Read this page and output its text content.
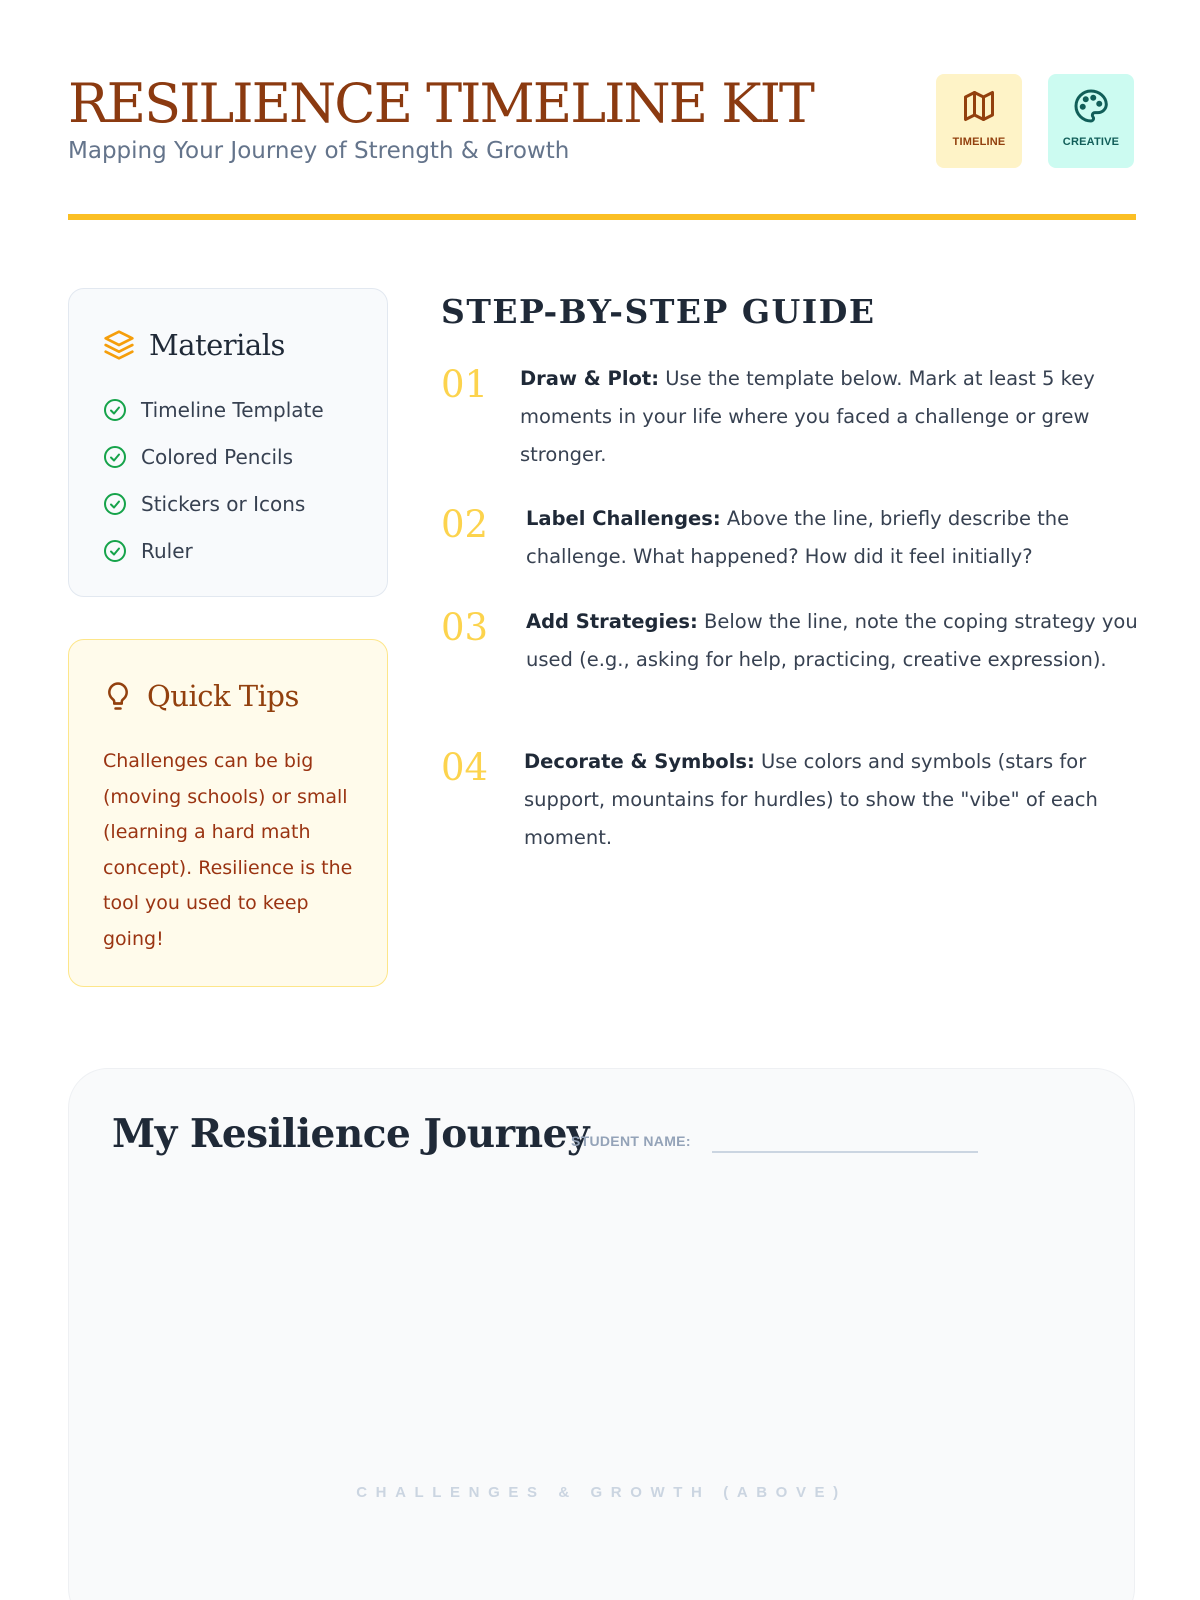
RESILIENCE TIMELINE KIT
Mapping Your Journey of Strength & Growth	TIMELINE	CREATIVE
Materials
Timeline Template
Colored Pencils
Stickers or Icons
Ruler
Quick Tips

Challenges can be big (moving schools) or small (learning a hard math concept). Resilience is the tool you used to keep going!

STEP-BY-STEP GUIDE
01 Draw & Plot: Use the template below. Mark at least 5 key moments in your life where you faced a challenge or grew stronger.

02 Label Challenges: Above the line, briefly describe the challenge. What happened? How did it feel initially?

03 Add Strategies: Below the line, note the coping strategy you used (e.g., asking for help, practicing, creative expression).

04 Decorate & Symbols: Use colors and symbols (stars for support, mountains for hurdles) to show the "vibe" of each moment.

My Resilience Journey
STUDENT NAME:
CHALLENGES & GROWTH (ABOVE)
